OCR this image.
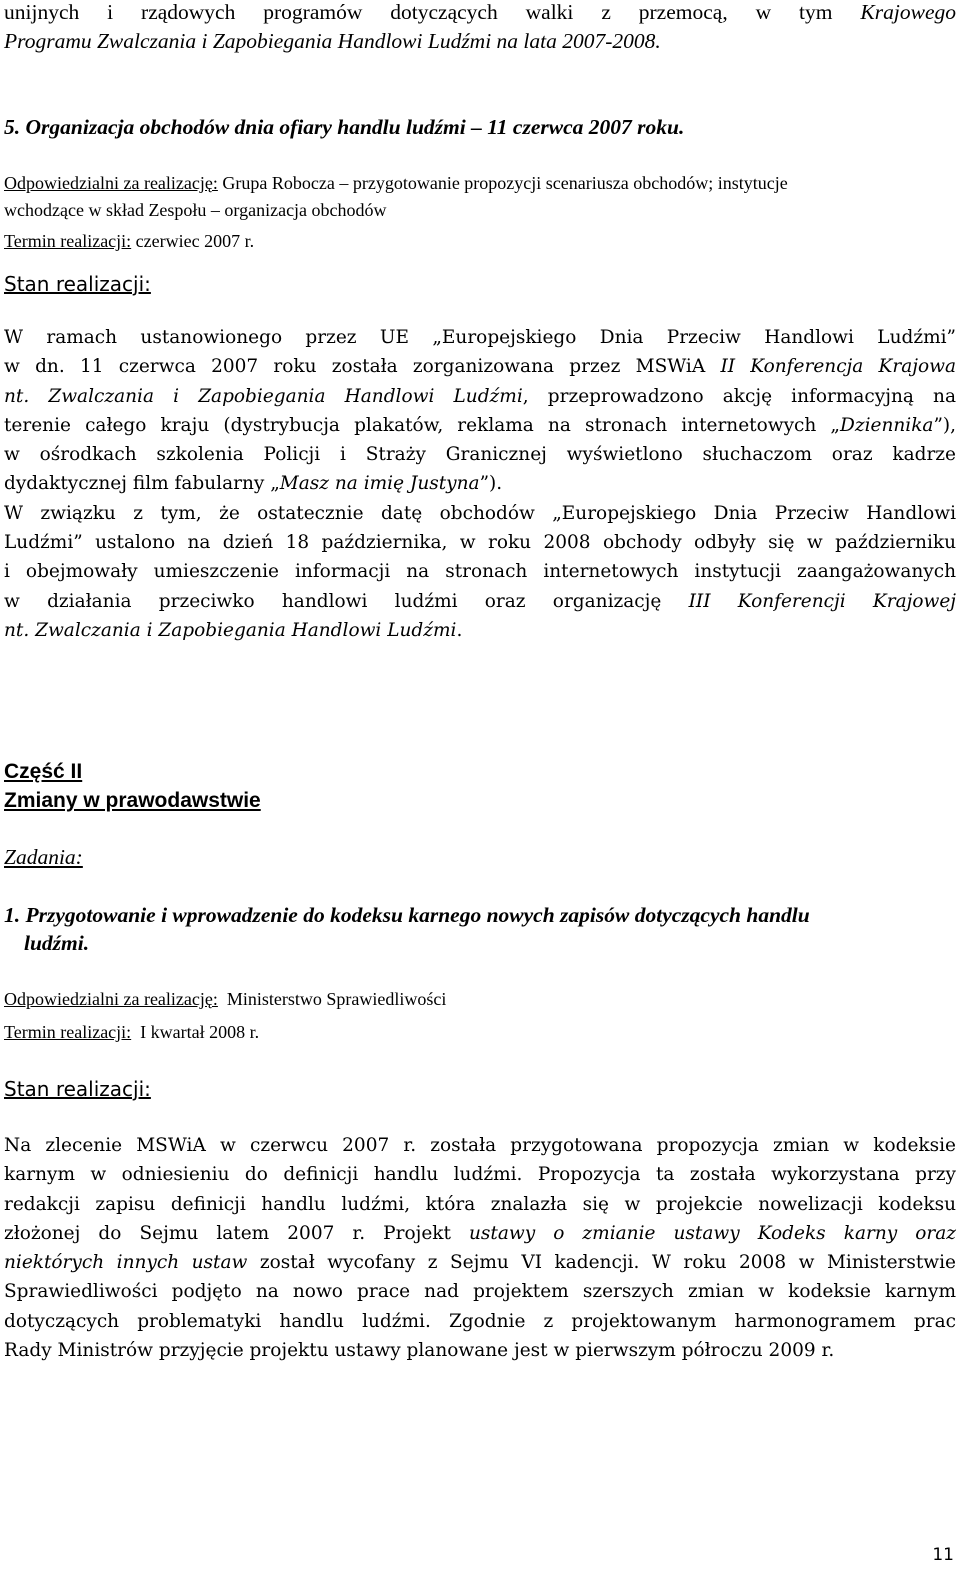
unijnych i rządowych programów dotyczących walki z przemocą, w tym Krajowego
Programu Zwalczania i Zapobiegania Handlowi Ludźmi na lata 2007-2008.
5. Organizacja obchodów dnia ofiary handlu ludźmi – 11 czerwca 2007 roku.
Odpowiedzialni za realizację: Grupa Robocza – przygotowanie propozycji scenariusza obchodów; instytucje
wchodzące w skład Zespołu – organizacja obchodów
Termin realizacji: czerwiec 2007 r.
Stan realizacji:
W ramach ustanowionego przez UE „Europejskiego Dnia Przeciw Handlowi Ludźmi”
w dn. 11 czerwca 2007 roku została zorganizowana przez MSWiA II Konferencja Krajowa
nt. Zwalczania i Zapobiegania Handlowi Ludźmi, przeprowadzono akcję informacyjną na
terenie całego kraju (dystrybucja plakatów, reklama na stronach internetowych „Dziennika”),
w ośrodkach szkolenia Policji i Straży Granicznej wyświetlono słuchaczom oraz kadrze
dydaktycznej film fabularny „Masz na imię Justyna”).
W związku z tym, że ostatecznie datę obchodów „Europejskiego Dnia Przeciw Handlowi
Ludźmi” ustalono na dzień 18 października, w roku 2008 obchody odbyły się w październiku
i obejmowały umieszczenie informacji na stronach internetowych instytucji zaangażowanych
w działania przeciwko handlowi ludźmi oraz organizację III Konferencji Krajowej
nt. Zwalczania i Zapobiegania Handlowi Ludźmi.
Część II
Zmiany w prawodawstwie
Zadania:
1. Przygotowanie i wprowadzenie do kodeksu karnego nowych zapisów dotyczących handlu
ludźmi.
Odpowiedzialni za realizację:  Ministerstwo Sprawiedliwości
Termin realizacji:  I kwartał 2008 r.
Stan realizacji:
Na zlecenie MSWiA w czerwcu 2007 r. została przygotowana propozycja zmian w kodeksie
karnym w odniesieniu do definicji handlu ludźmi. Propozycja ta została wykorzystana przy
redakcji zapisu definicji handlu ludźmi, która znalazła się w projekcie nowelizacji kodeksu
złożonej do Sejmu latem 2007 r. Projekt ustawy o zmianie ustawy Kodeks karny oraz
niektórych innych ustaw został wycofany z Sejmu VI kadencji. W roku 2008 w Ministerstwie
Sprawiedliwości podjęto na nowo prace nad projektem szerszych zmian w kodeksie karnym
dotyczących problematyki handlu ludźmi. Zgodnie z projektowanym harmonogramem prac
Rady Ministrów przyjęcie projektu ustawy planowane jest w pierwszym półroczu 2009 r.
11
